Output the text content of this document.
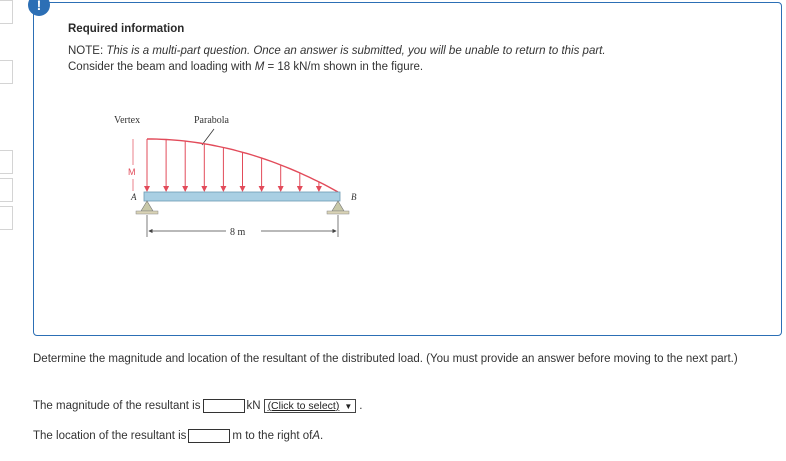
!
Required information
NOTE: This is a multi-part question. Once an answer is submitted, you will be unable to return to this part.
Consider the beam and loading with M = 18 kN/m shown in the figure.
Vertex	Parabola
M
A	B
8 m
Determine the magnitude and location of the resultant of the distributed load. (You must provide an answer before moving to the next part.)
The magnitude of the resultant is	kN (Click to select) ▼ .
The location of the resultant is	m to the right of A .
